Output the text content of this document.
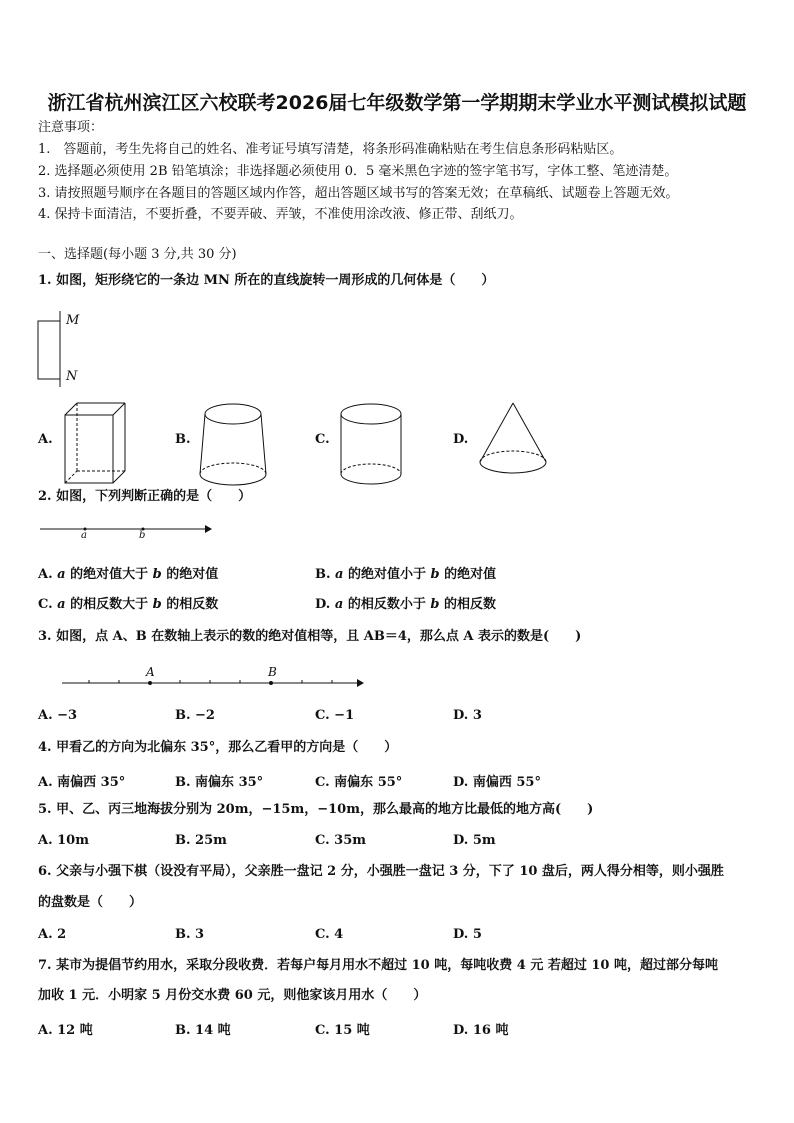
浙江省杭州滨江区六校联考2026届七年级数学第一学期期末学业水平测试模拟试题
注意事项：
1.　答题前，考生先将自己的姓名、准考证号填写清楚，将条形码准确粘贴在考生信息条形码粘贴区。
2. 选择题必须使用 2B 铅笔填涂；非选择题必须使用 0．5 毫米黑色字迹的签字笔书写，字体工整、笔迹清楚。
3. 请按照题号顺序在各题目的答题区域内作答，超出答题区域书写的答案无效；在草稿纸、试题卷上答题无效。
4. 保持卡面清洁，不要折叠，不要弄破、弄皱，不准使用涂改液、修正带、刮纸刀。
一、选择题(每小题 3 分,共 30 分)
1. 如图，矩形绕它的一条边 MN 所在的直线旋转一周形成的几何体是（　　）
M
N
A.	B.	C.	D.
2. 如图，下列判断正确的是（　　）
a	b
A. a 的绝对值大于 b 的绝对值	B. a 的绝对值小于 b 的绝对值
C. a 的相反数大于 b 的相反数	D. a 的相反数小于 b 的相反数
3. 如图，点 A、B 在数轴上表示的数的绝对值相等，且 AB＝4，那么点 A 表示的数是(　　)
A	B
A. −3	B. −2	C. −1	D. 3
4. 甲看乙的方向为北偏东 35°，那么乙看甲的方向是（　　）
A. 南偏西 35°	B. 南偏东 35°	C. 南偏东 55°	D. 南偏西 55°
5. 甲、乙、丙三地海拔分别为 20m，−15m，−10m，那么最高的地方比最低的地方高(　　)
A. 10m	B. 25m	C. 35m	D. 5m
6. 父亲与小强下棋（设没有平局），父亲胜一盘记 2 分，小强胜一盘记 3 分，下了 10 盘后，两人得分相等，则小强胜
的盘数是（　　）
A. 2	B. 3	C. 4	D. 5
7. 某市为提倡节约用水，采取分段收费．若每户每月用水不超过 10 吨，每吨收费 4 元 若超过 10 吨，超过部分每吨
加收 1 元．小明家 5 月份交水费 60 元，则他家该月用水（　　）
A. 12 吨	B. 14 吨	C. 15 吨	D. 16 吨
